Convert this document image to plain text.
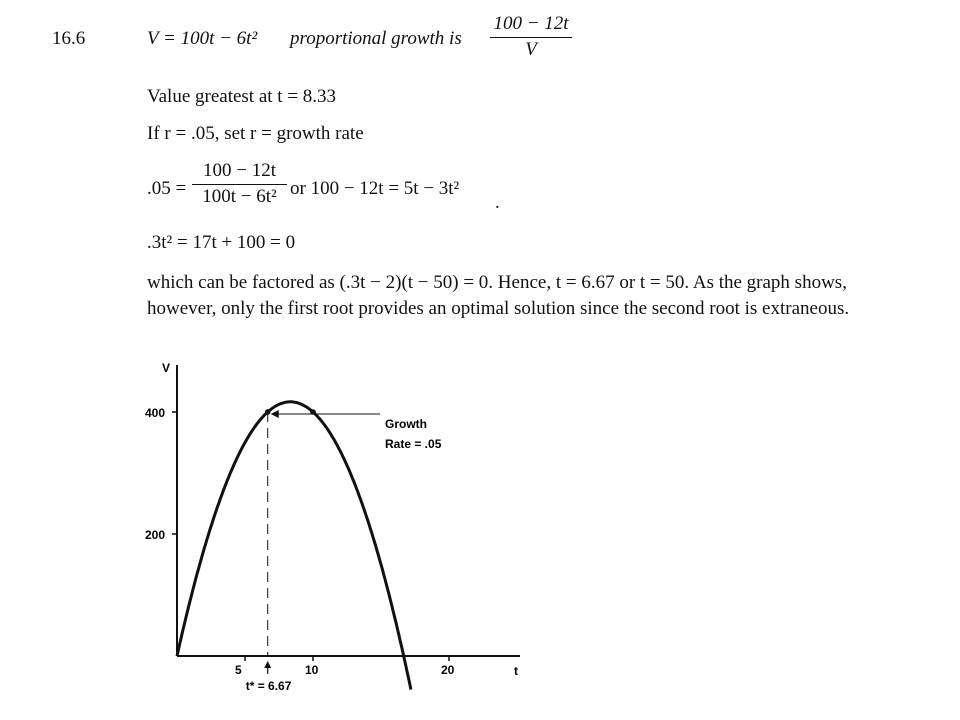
16.6	V = 100t − 6t² proportional growth is
100 − 12t
V
Value greatest at t = 8.33
If r = .05, set r = growth rate
.05 =
100 − 12t
100t − 6t² or 100 − 12t = 5t − 3t²
.
.3t² = 17t + 100 = 0
which can be factored as (.3t − 2)(t − 50) = 0. Hence, t = 6.67 or t = 50. As the graph shows, however, only the first root provides an optimal solution since the second root is extraneous.
V
t
400
200
5	10	20
Growth
Rate = .05
t* = 6.67
